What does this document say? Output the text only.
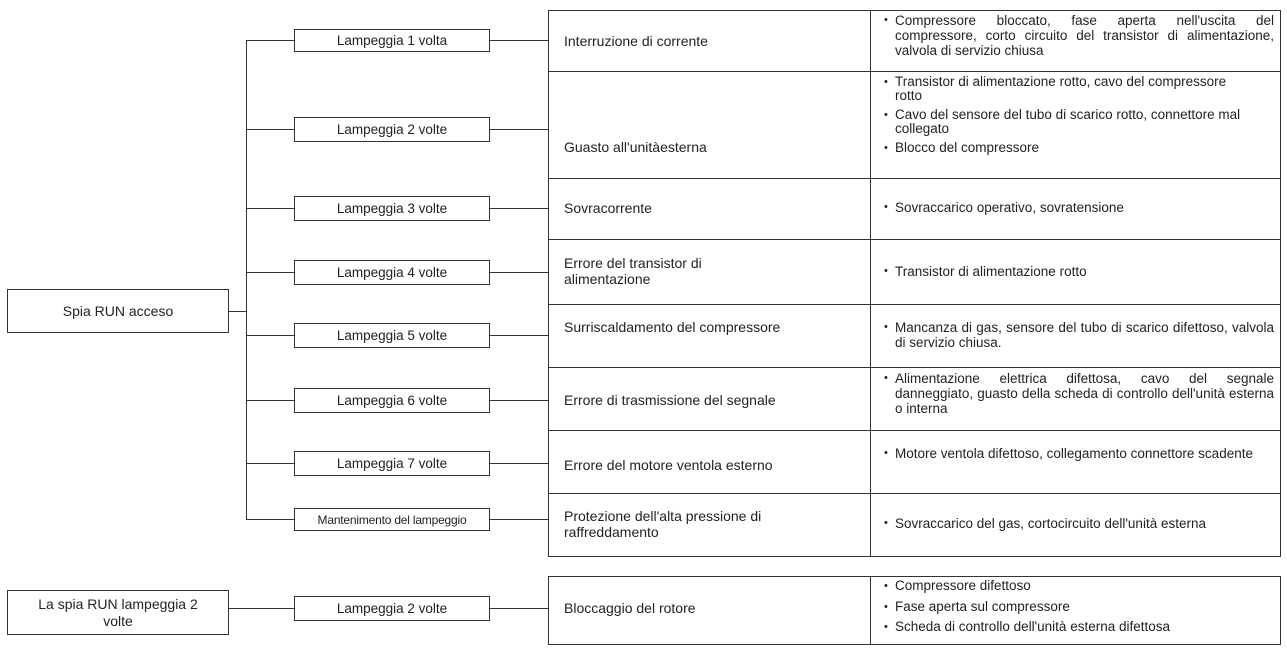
Spia RUN acceso
Lampeggia 1 volta
Lampeggia 2 volte
Lampeggia 3 volte
Lampeggia 4 volte
Lampeggia 5 volte
Lampeggia 6 volte
Lampeggia 7 volte
Mantenimento del lampeggio
Interruzione di corrente
Guasto all'unitàesterna
Sovracorrente
Errore del transistor di alimentazione
Surriscaldamento del compressore
Errore di trasmissione del segnale
Errore del motore ventola esterno
Protezione dell'alta pressione di raffreddamento
• Compressore bloccato, fase aperta nell'uscita del compressore, corto circuito del transistor di alimentazione, valvola di servizio chiusa
• Transistor di alimentazione rotto, cavo del compressore rotto
• Cavo del sensore del tubo di scarico rotto, connettore mal collegato
• Blocco del compressore
• Sovraccarico operativo, sovratensione
• Transistor di alimentazione rotto
• Mancanza di gas, sensore del tubo di scarico difettoso, valvola di servizio chiusa.
• Alimentazione elettrica difettosa, cavo del segnale danneggiato, guasto della scheda di controllo dell'unità esterna o interna
• Motore ventola difettoso, collegamento connettore scadente
• Sovraccarico del gas, cortocircuito dell'unità esterna
La spia RUN lampeggia 2 volte
Lampeggia 2 volte	Bloccaggio del rotore
• Compressore difettoso
• Fase aperta sul compressore
• Scheda di controllo dell'unità esterna difettosa
